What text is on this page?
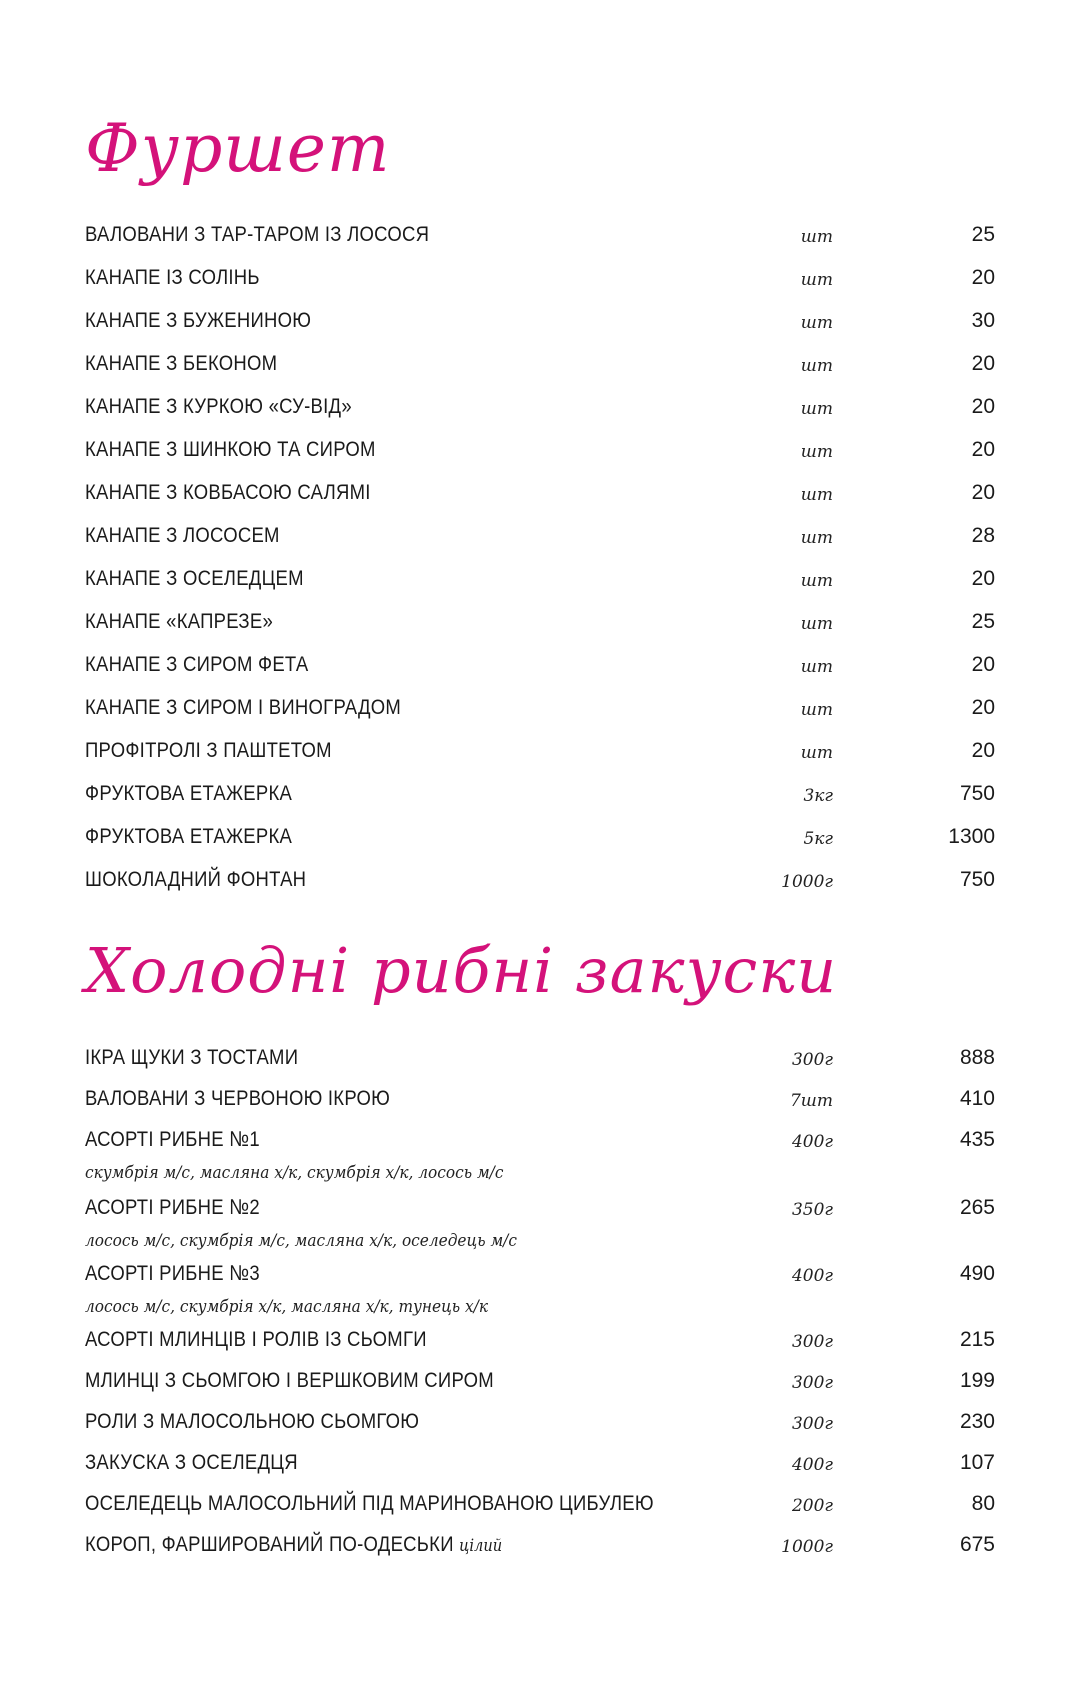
Фуршет
ВАЛОВАНИ З ТАР-ТАРОМ ІЗ ЛОСОСЯ	шт	25
КАНАПЕ ІЗ СОЛІНЬ	шт	20
КАНАПЕ З БУЖЕНИНОЮ	шт	30
КАНАПЕ З БЕКОНОМ	шт	20
КАНАПЕ З КУРКОЮ «СУ-ВІД»	шт	20
КАНАПЕ З ШИНКОЮ ТА СИРОМ	шт	20
КАНАПЕ З КОВБАСОЮ САЛЯМІ	шт	20
КАНАПЕ З ЛОСОСЕМ	шт	28
КАНАПЕ З ОСЕЛЕДЦЕМ	шт	20
КАНАПЕ «КАПРЕЗЕ»	шт	25
КАНАПЕ З СИРОМ ФЕТА	шт	20
КАНАПЕ З СИРОМ І ВИНОГРАДОМ	шт	20
ПРОФІТРОЛІ З ПАШТЕТОМ	шт	20
ФРУКТОВА ЕТАЖЕРКА	3кг	750
ФРУКТОВА ЕТАЖЕРКА	5кг	1300
ШОКОЛАДНИЙ ФОНТАН	1000г	750
Холодні рибні закуски
ІКРА ЩУКИ З ТОСТАМИ	300г	888
ВАЛОВАНИ З ЧЕРВОНОЮ ІКРОЮ	7шт	410
АСОРТІ РИБНЕ №1	400г	435
скумбрія м/с, масляна х/к, скумбрія х/к, лосось м/с
АСОРТІ РИБНЕ №2	350г	265
лосось м/с, скумбрія м/с, масляна х/к, оселедець м/с
АСОРТІ РИБНЕ №3	400г	490
лосось м/с, скумбрія х/к, масляна х/к, тунець х/к
АСОРТІ МЛИНЦІВ І РОЛІВ ІЗ СЬОМГИ	300г	215
МЛИНЦІ З СЬОМГОЮ І ВЕРШКОВИМ СИРОМ	300г	199
РОЛИ З МАЛОСОЛЬНОЮ СЬОМГОЮ	300г	230
ЗАКУСКА З ОСЕЛЕДЦЯ	400г	107
ОСЕЛЕДЕЦЬ МАЛОСОЛЬНИЙ ПІД МАРИНОВАНОЮ ЦИБУЛЕЮ	200г	80
КОРОП, ФАРШИРОВАНИЙ ПО-ОДЕСЬКИ цілий	1000г	675
